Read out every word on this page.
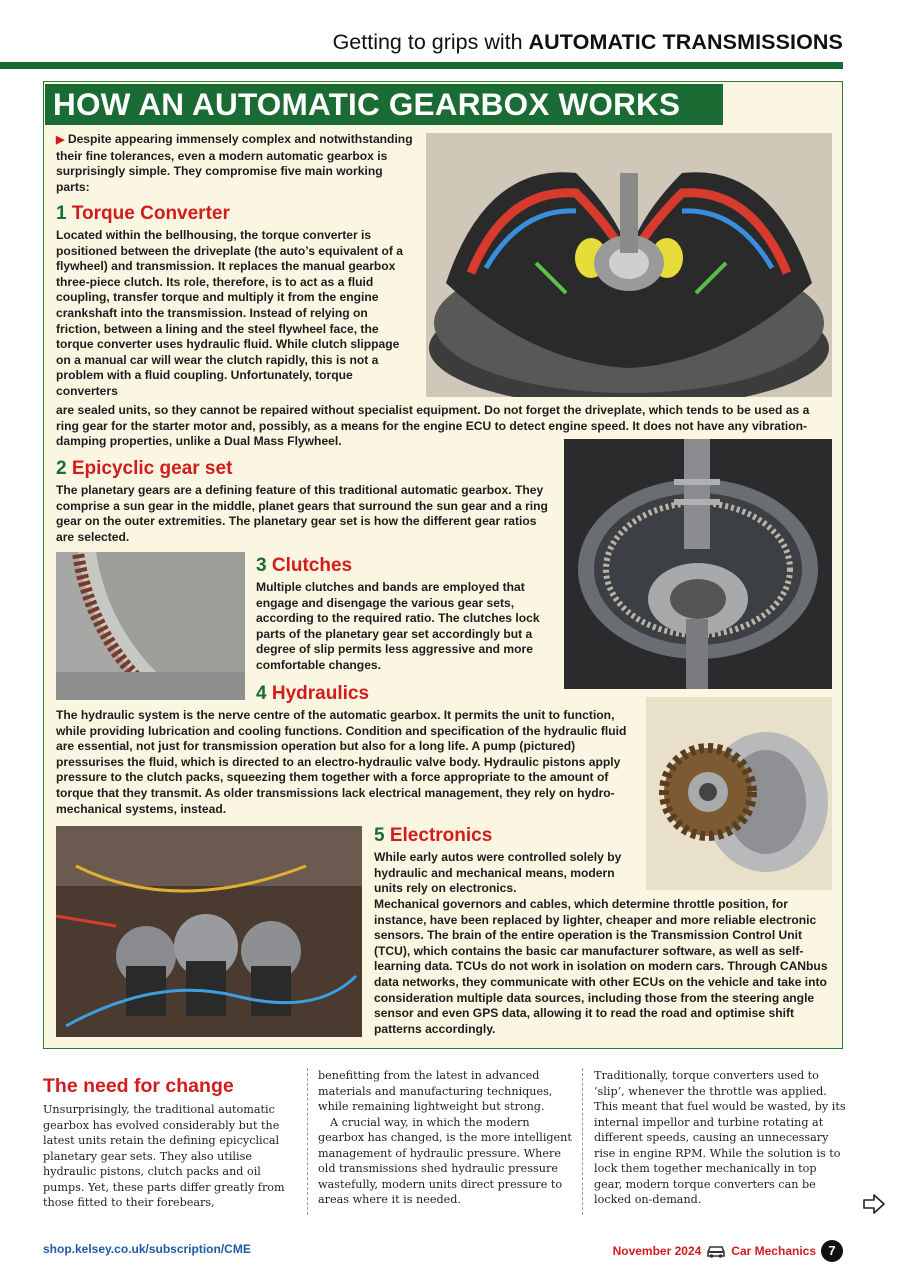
Getting to grips with AUTOMATIC TRANSMISSIONS
HOW AN AUTOMATIC GEARBOX WORKS
▶ Despite appearing immensely complex and notwithstanding their fine tolerances, even a modern automatic gearbox is surprisingly simple. They compromise five main working parts:
1 Torque Converter
Located within the bellhousing, the torque converter is positioned between the driveplate (the auto’s equivalent of a flywheel) and transmission. It replaces the manual gearbox three-piece clutch. Its role, therefore, is to act as a fluid coupling, transfer torque and multiply it from the engine crankshaft into the transmission. Instead of relying on friction, between a lining and the steel flywheel face, the torque converter uses hydraulic fluid. While clutch slippage on a manual car will wear the clutch rapidly, this is not a problem with a fluid coupling. Unfortunately, torque converters
are sealed units, so they cannot be repaired without specialist equipment. Do not forget the driveplate, which tends to be used as a ring gear for the starter motor and, possibly, as a means for the engine ECU to detect engine speed. It does not have any vibration-damping properties, unlike a Dual Mass Flywheel.
2 Epicyclic gear set
The planetary gears are a defining feature of this traditional automatic gearbox. They comprise a sun gear in the middle, planet gears that surround the sun gear and a ring gear on the outer extremities. The planetary gear set is how the different gear ratios are selected.
3 Clutches
Multiple clutches and bands are employed that engage and disengage the various gear sets, according to the required ratio. The clutches lock parts of the planetary gear set accordingly but a degree of slip permits less aggressive and more comfortable changes.
4 Hydraulics
The hydraulic system is the nerve centre of the automatic gearbox. It permits the unit to function, while providing lubrication and cooling functions. Condition and specification of the hydraulic fluid are essential, not just for transmission operation but also for a long life. A pump (pictured) pressurises the fluid, which is directed to an electro-hydraulic valve body. Hydraulic pistons apply pressure to the clutch packs, squeezing them together with a force appropriate to the amount of torque that they transmit. As older transmissions lack electrical management, they rely on hydro-mechanical systems, instead.
5 Electronics
While early autos were controlled solely by hydraulic and mechanical means, modern units rely on electronics.
Mechanical governors and cables, which determine throttle position, for instance, have been replaced by lighter, cheaper and more reliable electronic sensors. The brain of the entire operation is the Transmission Control Unit (TCU), which contains the basic car manufacturer software, as well as self-learning data. TCUs do not work in isolation on modern cars. Through CANbus data networks, they communicate with other ECUs on the vehicle and take into consideration multiple data sources, including those from the steering angle sensor and even GPS data, allowing it to read the road and optimise shift patterns accordingly.
The need for change
Unsurprisingly, the traditional automatic gearbox has evolved considerably but the latest units retain the defining epicyclical planetary gear sets. They also utilise hydraulic pistons, clutch packs and oil pumps. Yet, these parts differ greatly from those fitted to their forebears,
benefitting from the latest in advanced materials and manufacturing techniques, while remaining lightweight but strong.
A crucial way, in which the modern gearbox has changed, is the more intelligent management of hydraulic pressure. Where old transmissions shed hydraulic pressure wastefully, modern units direct pressure to areas where it is needed.
Traditionally, torque converters used to ‘slip’, whenever the throttle was applied. This meant that fuel would be wasted, by its internal impellor and turbine rotating at different speeds, causing an unnecessary rise in engine RPM. While the solution is to lock them together mechanically in top gear, modern torque converters can be locked on-demand.
shop.kelsey.co.uk/subscription/CME	November 2024	Car Mechanics 7
